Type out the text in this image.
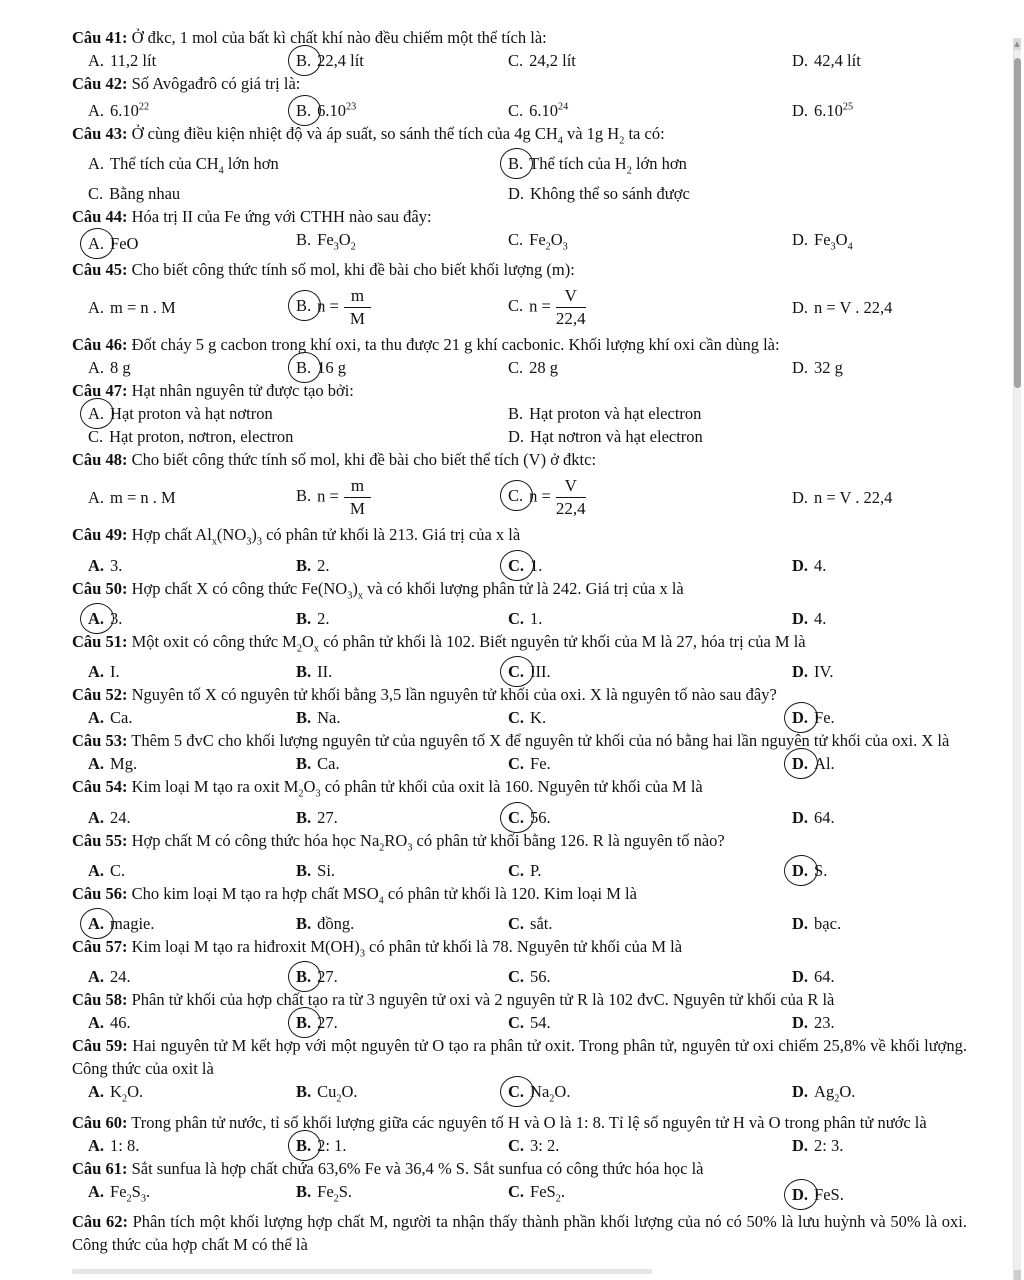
Câu 41: Ở đkc, 1 mol của bất kì chất khí nào đều chiếm một thể tích là:
A. 11,2 lít	B. 22,4 lít	C. 24,2 lít	D. 42,4 lít
Câu 42: Số Avôgađrô có giá trị là:
A. 6.10$^{22}$	B. 6.10$^{23}$	C. 6.10$^{24}$	D. 6.10$^{25}$
Câu 43: Ở cùng điều kiện nhiệt độ và áp suất, so sánh thể tích của 4g $CH_4$ và 1g $H_2$ ta có:
A. Thể tích của $CH_4$ lớn hơn	B. Thể tích của $H_2$ lớn hơn
C. Bằng nhau	D. Không thể so sánh được
Câu 44: Hóa trị II của Fe ứng với CTHH nào sau đây:
A. FeO	B. $Fe_3O_2$	C. $Fe_2O_3$	D. $Fe_3O_4$
Câu 45: Cho biết công thức tính số mol, khi đề bài cho biết khối lượng (m):
A. m = n . M	B. $n = \frac{m}{M}$	C. $n = \frac{V}{22,4}$	D. n = V . 22,4
Câu 46: Đốt cháy 5 g cacbon trong khí oxi, ta thu được 21 g khí cacbonic. Khối lượng khí oxi cần dùng là:
A. 8 g	B. 16 g	C. 28 g	D. 32 g
Câu 47: Hạt nhân nguyên tử được tạo bởi:
A. Hạt proton và hạt nơtron	B. Hạt proton và hạt electron
C. Hạt proton, nơtron, electron	D. Hạt nơtron và hạt electron
Câu 48: Cho biết công thức tính số mol, khi đề bài cho biết thể tích (V) ở đktc:
A. m = n . M	B. $n = \frac{m}{M}$	C. $n = \frac{V}{22,4}$	D. n = V . 22,4
Câu 49: Hợp chất $Al_x(NO_3)_3$ có phân tử khối là 213. Giá trị của x là
A. 3.	B. 2.	C. 1.	D. 4.
Câu 50: Hợp chất X có công thức $Fe(NO_3)_x$ và có khối lượng phân tử là 242. Giá trị của x là
A. 3.	B. 2.	C. 1.	D. 4.
Câu 51: Một oxit có công thức $M_2O_x$ có phân tử khối là 102. Biết nguyên tử khối của M là 27, hóa trị của M là
A. I.	B. II.	C. III.	D. IV.
Câu 52: Nguyên tố X có nguyên tử khối bằng 3,5 lần nguyên tử khối của oxi. X là nguyên tố nào sau đây?
A. Ca.	B. Na.	C. K.	D. Fe.
Câu 53: Thêm 5 đvC cho khối lượng nguyên tử của nguyên tố X để nguyên tử khối của nó bằng hai lần nguyên tử khối của oxi. X là
A. Mg.	B. Ca.	C. Fe.	D. Al.
Câu 54: Kim loại M tạo ra oxit $M_2O_3$ có phân tử khối của oxit là 160. Nguyên tử khối của M là
A. 24.	B. 27.	C. 56.	D. 64.
Câu 55: Hợp chất M có công thức hóa học $Na_2RO_3$ có phân tử khối bằng 126. R là nguyên tố nào?
A. C.	B. Si.	C. P.	D. S.
Câu 56: Cho kim loại M tạo ra hợp chất $MSO_4$ có phân tử khối là 120. Kim loại M là
A. magie.	B. đồng.	C. sắt.	D. bạc.
Câu 57: Kim loại M tạo ra hiđroxit $M(OH)_3$ có phân tử khối là 78. Nguyên tử khối của M là
A. 24.	B. 27.	C. 56.	D. 64.
Câu 58: Phân tử khối của hợp chất tạo ra từ 3 nguyên tử oxi và 2 nguyên tử R là 102 đvC. Nguyên tử khối của R là
A. 46.	B. 27.	C. 54.	D. 23.
Câu 59: Hai nguyên tử M kết hợp với một nguyên tử O tạo ra phân tử oxit. Trong phân tử, nguyên tử oxi chiếm 25,8% về khối lượng. Công thức của oxit là
A. $K_2O$.	B. $Cu_2O$.	C. $Na_2O$.	D. $Ag_2O$.
Câu 60: Trong phân tử nước, tỉ số khối lượng giữa các nguyên tố H và O là 1: 8. Tỉ lệ số nguyên tử H và O trong phân tử nước là
A. 1: 8.	B. 2: 1.	C. 3: 2.	D. 2: 3.
Câu 61: Sắt sunfua là hợp chất chứa 63,6% Fe và 36,4 % S. Sắt sunfua có công thức hóa học là
A. $Fe_2S_3$.	B. $Fe_2S$.	C. FeS$_2$.	D. FeS.
Câu 62: Phân tích một khối lượng hợp chất M, người ta nhận thấy thành phần khối lượng của nó có 50% là lưu huỳnh và 50% là oxi. Công thức của hợp chất M có thể là
▲
